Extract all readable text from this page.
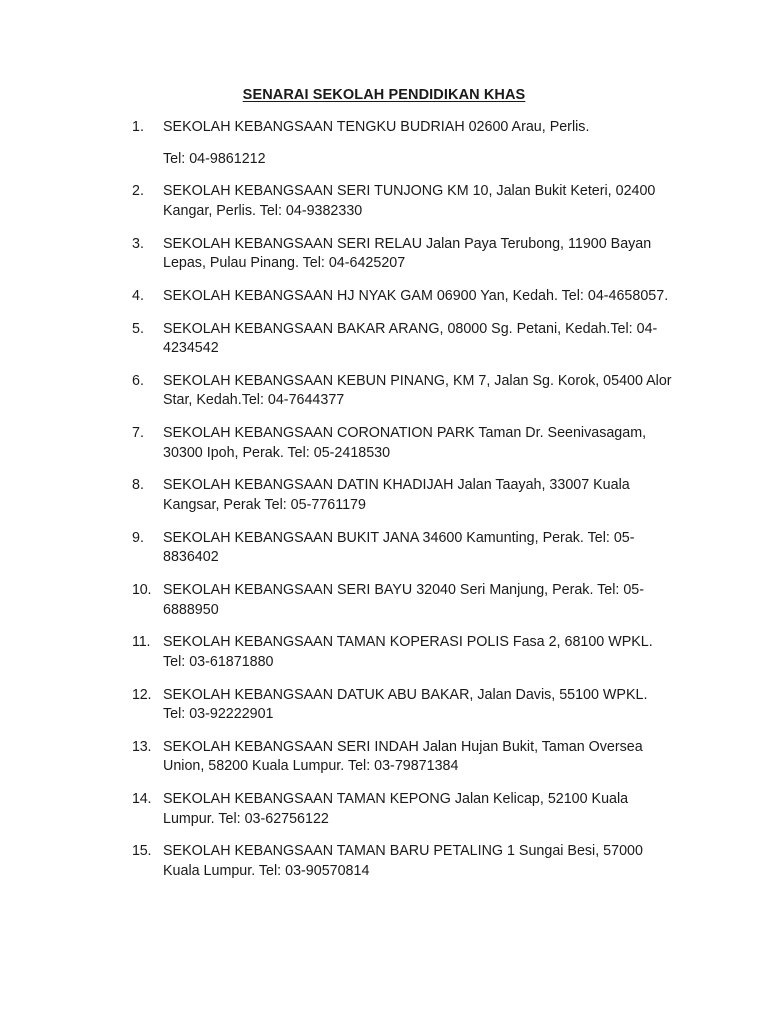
SENARAI SEKOLAH PENDIDIKAN KHAS
1.	SEKOLAH KEBANGSAAN TENGKU BUDRIAH 02600 Arau, Perlis.
Tel: 04-9861212
2.	SEKOLAH KEBANGSAAN SERI TUNJONG KM 10, Jalan Bukit Keteri, 02400 Kangar, Perlis. Tel: 04-9382330
3.	SEKOLAH KEBANGSAAN SERI RELAU Jalan Paya Terubong, 11900 Bayan Lepas, Pulau Pinang. Tel: 04-6425207
4.	SEKOLAH KEBANGSAAN HJ NYAK GAM 06900 Yan, Kedah. Tel: 04-4658057.
5.	SEKOLAH KEBANGSAAN BAKAR ARANG, 08000 Sg. Petani, Kedah.Tel: 04-4234542
6.	SEKOLAH KEBANGSAAN KEBUN PINANG, KM 7, Jalan Sg. Korok, 05400 Alor Star, Kedah.Tel: 04-7644377
7.	SEKOLAH KEBANGSAAN CORONATION PARK Taman Dr. Seenivasagam, 30300 Ipoh, Perak. Tel: 05-2418530
8.	SEKOLAH KEBANGSAAN DATIN KHADIJAH Jalan Taayah, 33007 Kuala Kangsar, Perak Tel: 05-7761179
9.	SEKOLAH KEBANGSAAN BUKIT JANA 34600 Kamunting, Perak. Tel: 05-8836402
10. SEKOLAH KEBANGSAAN SERI BAYU 32040 Seri Manjung, Perak. Tel: 05-6888950
11. SEKOLAH KEBANGSAAN TAMAN KOPERASI POLIS Fasa 2, 68100 WPKL. Tel: 03-61871880
12. SEKOLAH KEBANGSAAN DATUK ABU BAKAR, Jalan Davis, 55100 WPKL. Tel: 03-92222901
13. SEKOLAH KEBANGSAAN SERI INDAH Jalan Hujan Bukit, Taman Oversea Union, 58200 Kuala Lumpur. Tel: 03-79871384
14. SEKOLAH KEBANGSAAN TAMAN KEPONG Jalan Kelicap, 52100 Kuala Lumpur. Tel: 03-62756122
15. SEKOLAH KEBANGSAAN TAMAN BARU PETALING 1 Sungai Besi, 57000 Kuala Lumpur. Tel: 03-90570814
